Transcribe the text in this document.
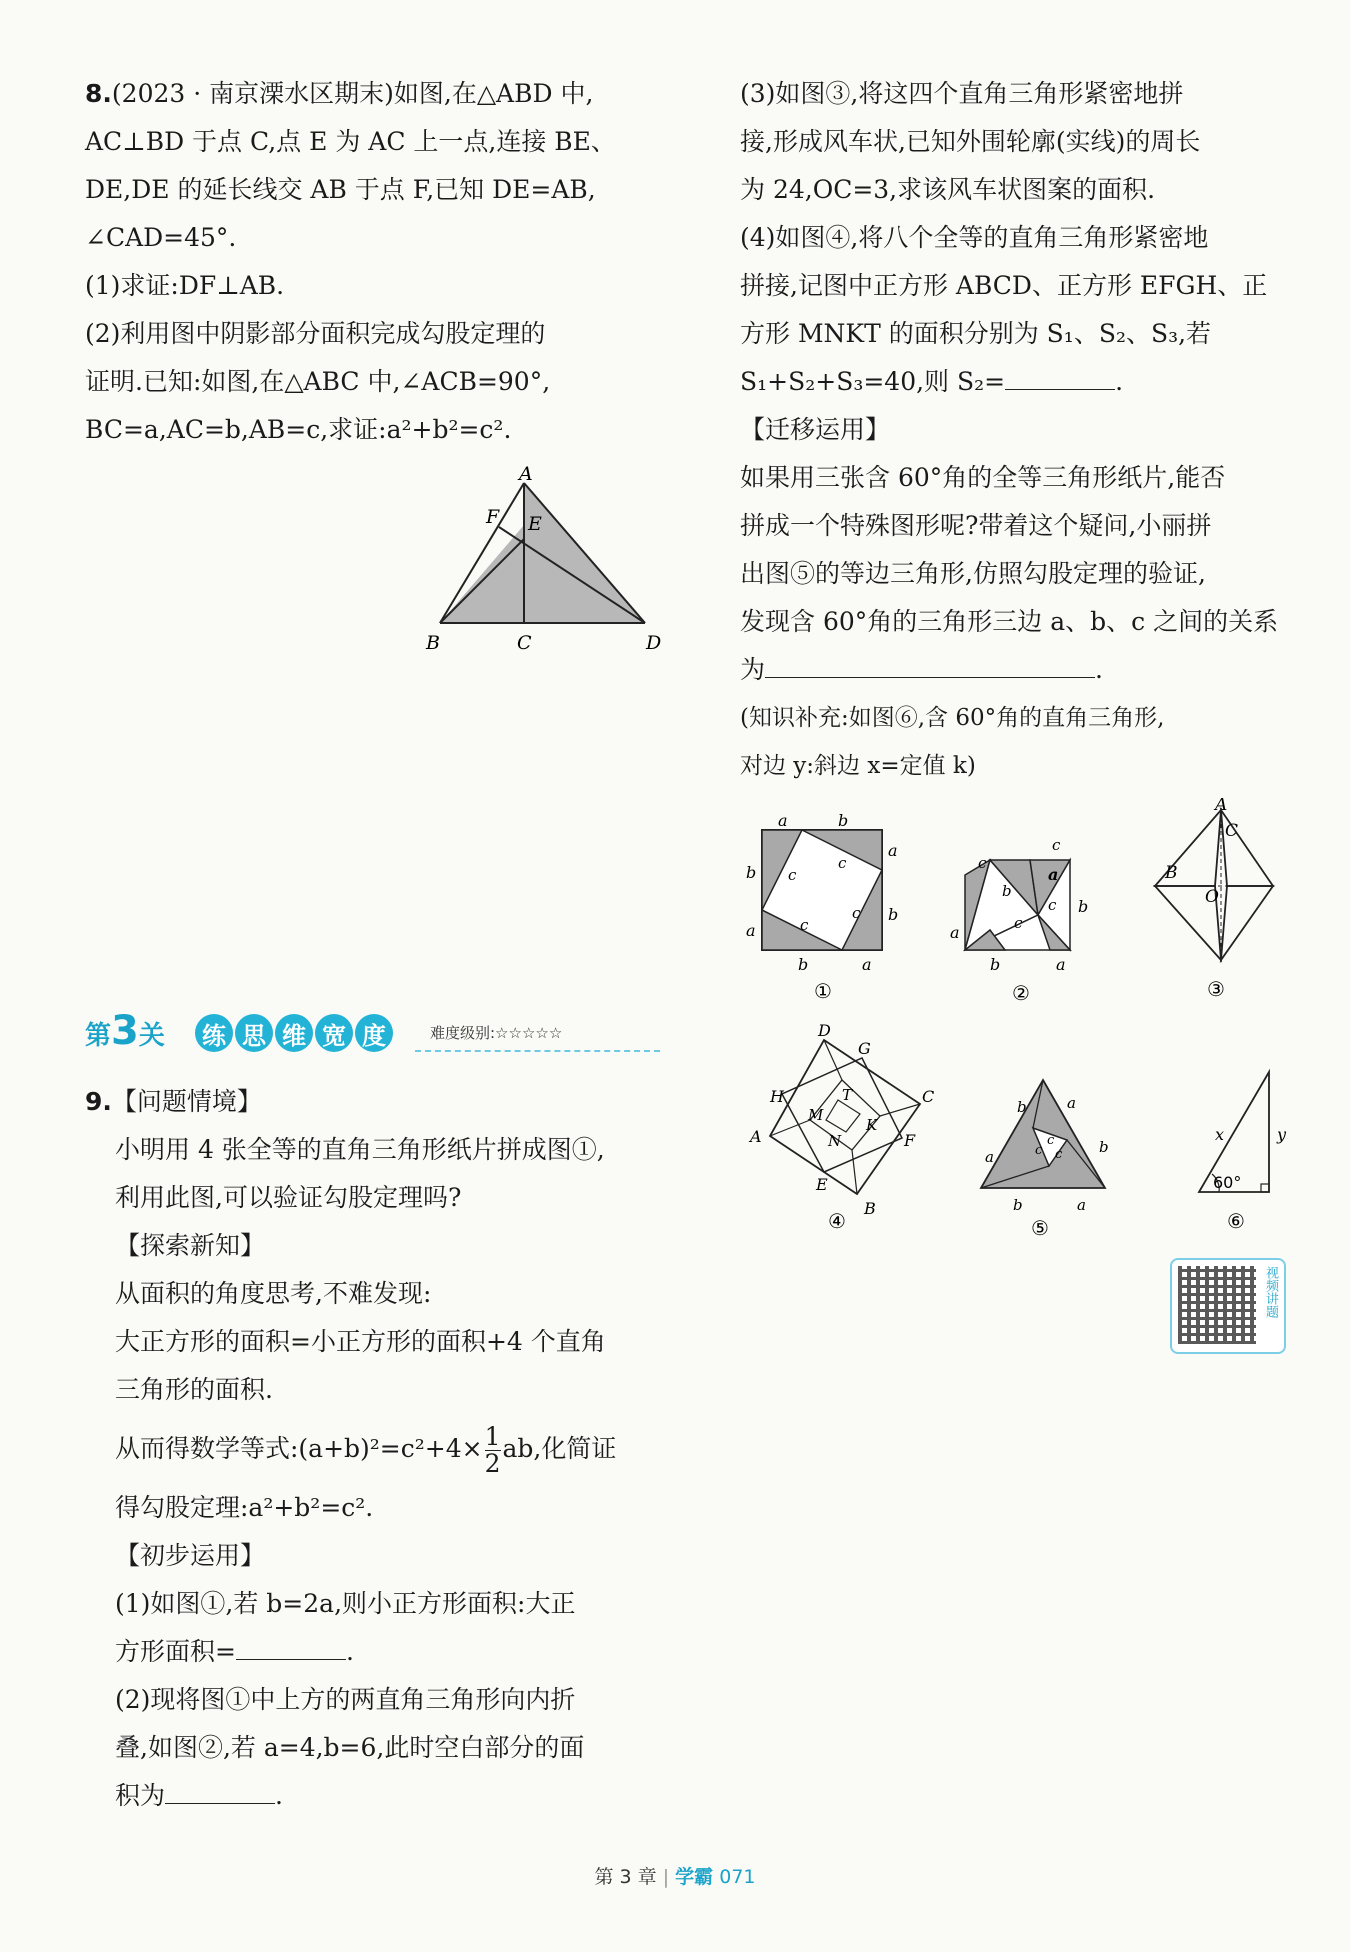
8.(2023 · 南京溧水区期末)如图,在△ABD 中,

AC⊥BD 于点 C,点 E 为 AC 上一点,连接 BE、

DE,DE 的延长线交 AB 于点 F,已知 DE=AB,

∠CAD=45°.

(1)求证:DF⊥AB.

(2)利用图中阴影部分面积完成勾股定理的

证明.已知:如图,在△ABC 中,∠ACB=90°,

BC=a,AC=b,AB=c,求证:a²+b²=c².

A
B	C	D
E
F
第3关 练 思 维 宽 度	难度级别:☆☆☆☆☆

9.【问题情境】

小明用 4 张全等的直角三角形纸片拼成图①,

利用此图,可以验证勾股定理吗?

【探索新知】

从面积的角度思考,不难发现:

大正方形的面积=小正方形的面积+4 个直角

三角形的面积.

从而得数学等式:(a+b)²=c²+4× $\frac{1}{2}$ ab,化简证

得勾股定理:a²+b²=c².

【初步运用】

(1)如图①,若 b=2a,则小正方形面积:大正

方形面积=	.

(2)现将图①中上方的两直角三角形向内折

叠,如图②,若 a=4,b=6,此时空白部分的面

积为	.

(3)如图③,将这四个直角三角形紧密地拼

接,形成风车状,已知外围轮廓(实线)的周长

为 24,OC=3,求该风车状图案的面积.

(4)如图④,将八个全等的直角三角形紧密地

拼接,记图中正方形 ABCD、正方形 EFGH、正

方形 MNKT 的面积分别为 S₁、S₂、S₃,若

S₁+S₂+S₃=40,则 S₂=	.

【迁移运用】

如果用三张含 60°角的全等三角形纸片,能否

拼成一个特殊图形呢?带着这个疑问,小丽拼

出图⑤的等边三角形,仿照勾股定理的验证,

发现含 60°角的三角形三边 a、b、c 之间的关系

为	.

(知识补充:如图⑥,含 60°角的直角三角形,

对边 y:斜边 x=定值 k)

a	b
a
b
b
a
b	a
c
c
c
c
①
c
c
a
b
c
c b
a
b	a
②
A
C
B
O
③
D
G
C
F
B
E
A
H
M
T
K
N
④
b	a
b
a
b	a
c
c
c
⑤
x	y
60°
⑥
视频讲题
第 3 章 | 学霸 071
